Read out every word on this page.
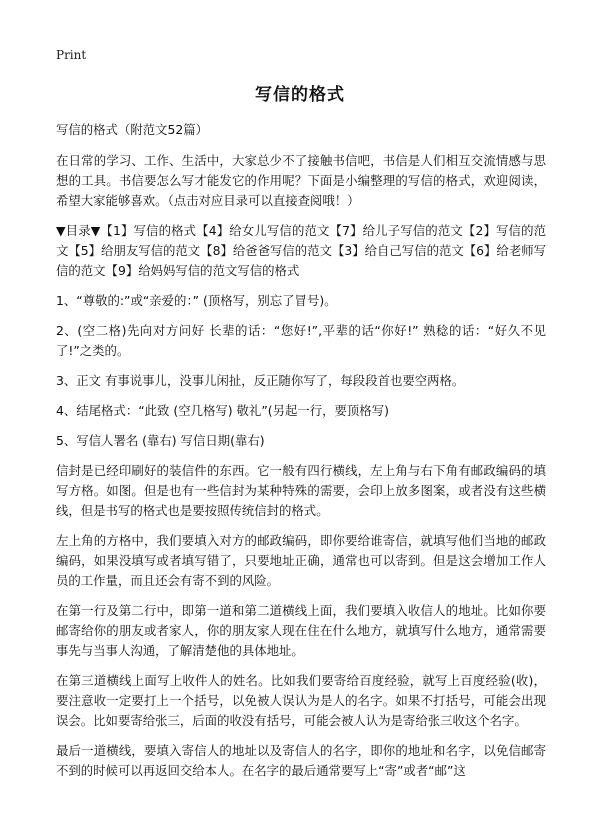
Print
写信的格式

写信的格式（附范文52篇）

在日常的学习、工作、生活中，大家总少不了接触书信吧，书信是人们相互交流情感与思想的工具。书信要怎么写才能发它的作用呢？下面是小编整理的写信的格式，欢迎阅读，希望大家能够喜欢。（点击对应目录可以直接查阅哦！）

▼目录▼【1】写信的格式【4】给女儿写信的范文【7】给儿子写信的范文【2】写信的范文【5】给朋友写信的范文【8】给爸爸写信的范文【3】给自己写信的范文【6】给老师写信的范文【9】给妈妈写信的范文写信的格式

1、“尊敬的:”或“亲爱的：” (顶格写，别忘了冒号)。

2、(空二格)先向对方问好 长辈的话：“您好!”,平辈的话“你好!” 熟稔的话：“好久不见了!”之类的。

3、正文 有事说事儿，没事儿闲扯，反正随你写了，每段段首也要空两格。

4、结尾格式：“此致 (空几格写) 敬礼”(另起一行，要顶格写)

5、写信人署名 (靠右) 写信日期(靠右)

信封是已经印刷好的装信件的东西。它一般有四行横线，左上角与右下角有邮政编码的填写方格。如图。但是也有一些信封为某种特殊的需要，会印上放多图案，或者没有这些横线，但是书写的格式也是要按照传统信封的格式。

左上角的方格中，我们要填入对方的邮政编码，即你要给谁寄信，就填写他们当地的邮政编码，如果没填写或者填写错了，只要地址正确，通常也可以寄到。但是这会增加工作人员的工作量，而且还会有寄不到的风险。

在第一行及第二行中，即第一道和第二道横线上面，我们要填入收信人的地址。比如你要邮寄给你的朋友或者家人，你的朋友家人现在住在什么地方，就填写什么地方，通常需要事先与当事人沟通，了解清楚他的具体地址。

在第三道横线上面写上收件人的姓名。比如我们要寄给百度经验，就写上百度经验(收)，要注意收一定要打上一个括号，以免被人误认为是人的名字。如果不打括号，可能会出现误会。比如要寄给张三，后面的收没有括号，可能会被人认为是寄给张三收这个名字。

最后一道横线，要填入寄信人的地址以及寄信人的名字，即你的地址和名字，以免信邮寄不到的时候可以再返回交给本人。在名字的最后通常要写上“寄”或者“邮”这
